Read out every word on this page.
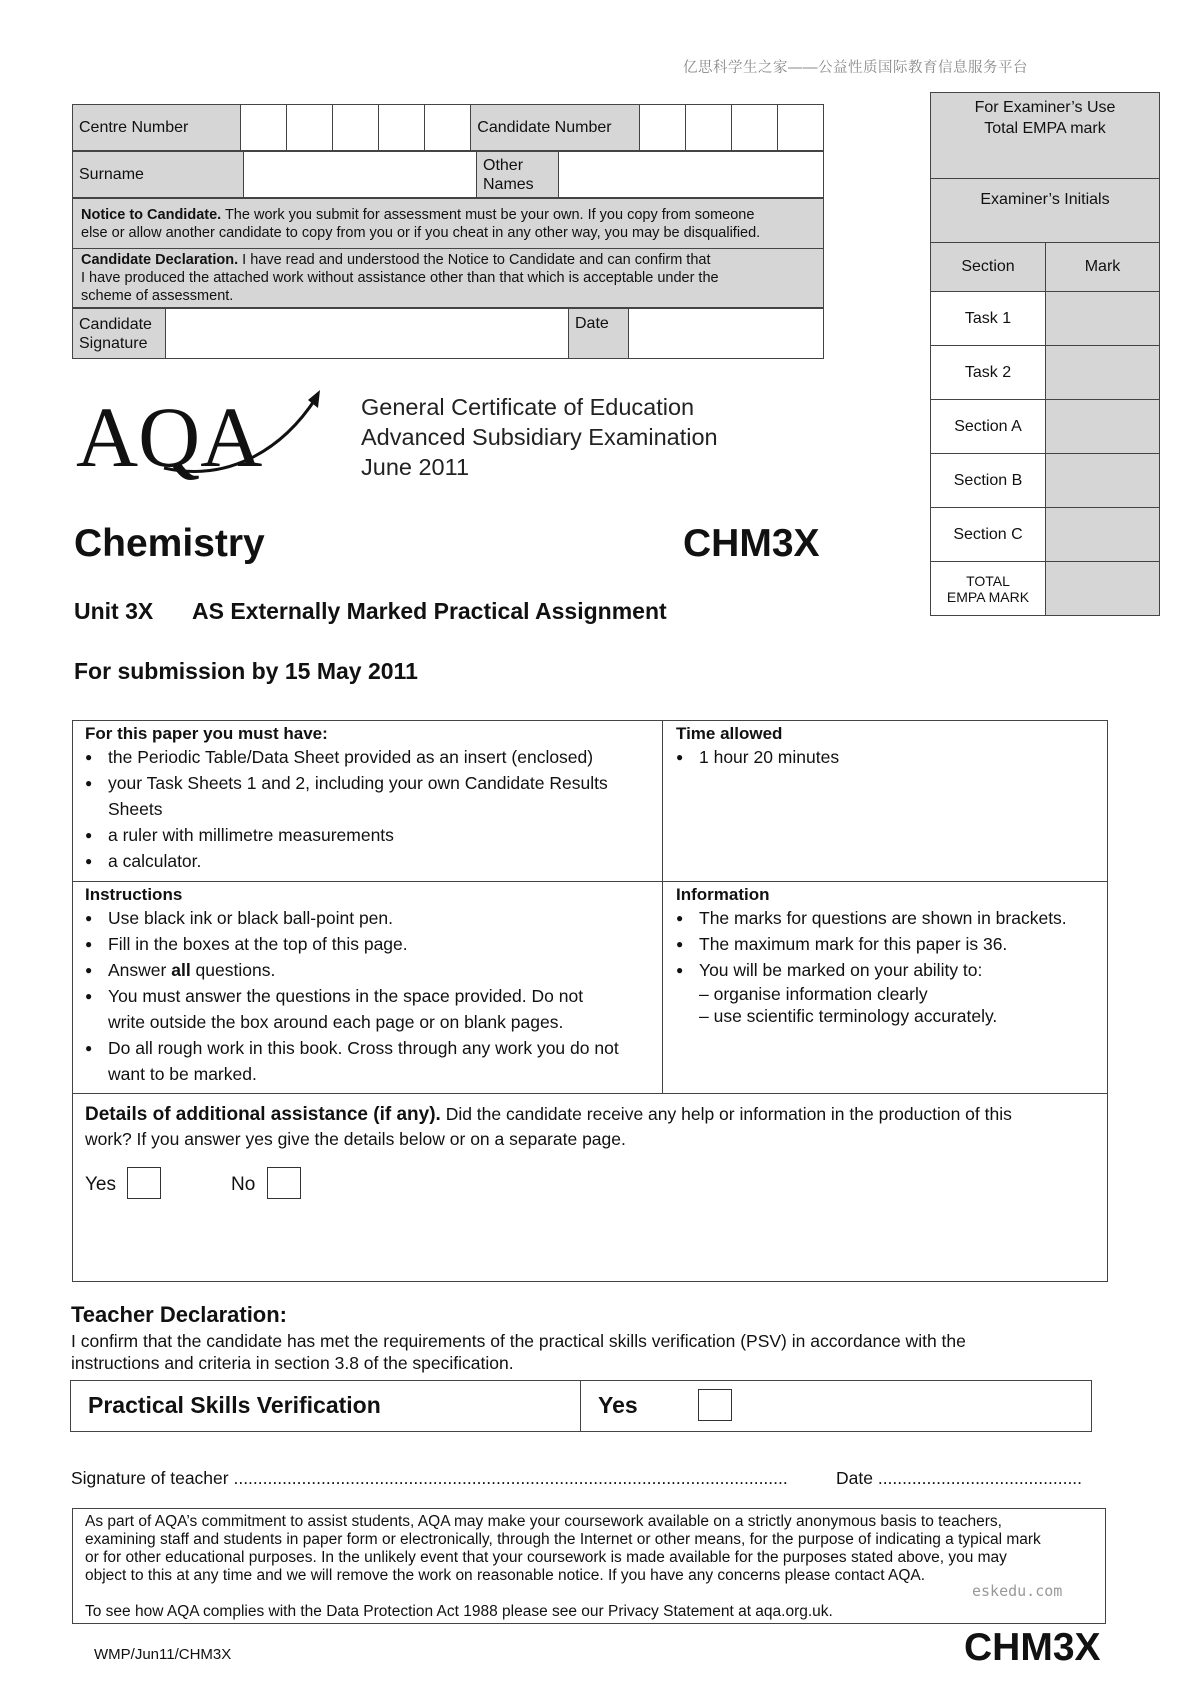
亿思科学生之家——公益性质国际教育信息服务平台
Centre Number						Candidate Number				
Surname		
Other
Names

Notice to Candidate. The work you submit for assessment must be your own. If you copy from someone
else or allow another candidate to copy from you or if you cheat in any other way, you may be disqualified.

Candidate Declaration. I have read and understood the Notice to Candidate and can confirm that
I have produced the attached work without assistance other than that which is acceptable under the
scheme of assessment.
Candidate
Signature
		Date	
For Examiner’s Use
Total EMPA mark
Examiner’s Initials
Section	Mark
Task 1	
Task 2	
Section A	
Section B	
Section C	

TOTAL
EMPA MARK	

AQA	General Certificate of Education
Advanced Subsidiary Examination
June 2011
Chemistry	CHM3X
Unit 3X AS Externally Marked Practical Assignment
For submission by 15 May 2011
For this paper you must have:
● the Periodic Table/Data Sheet provided as an insert (enclosed)
● your Task Sheets 1 and 2, including your own Candidate Results
Sheets
● a ruler with millimetre measurements
● a calculator.
Time allowed
● 1 hour 20 minutes
Instructions
● Use black ink or black ball-point pen.
● Fill in the boxes at the top of this page.
● Answer all questions.
● You must answer the questions in the space provided. Do not
write outside the box around each page or on blank pages.
● Do all rough work in this book. Cross through any work you do not
want to be marked.
Information
● The marks for questions are shown in brackets.
● The maximum mark for this paper is 36.
● You will be marked on your ability to:
– organise information clearly
– use scientific terminology accurately.
Details of additional assistance (if any). Did the candidate receive any help or information in the production of this
work? If you answer yes give the details below or on a separate page.
Yes	No
Teacher Declaration:
I confirm that the candidate has met the requirements of the practical skills verification (PSV) in accordance with the
instructions and criteria in section 3.8 of the specification.
Practical Skills Verification	Yes
Signature of teacher ..................................................................................................................	Date ..........................................
As part of AQA’s commitment to assist students, AQA may make your coursework available on a strictly anonymous basis to teachers,
examining staff and students in paper form or electronically, through the Internet or other means, for the purpose of indicating a typical mark
or for other educational purposes. In the unlikely event that your coursework is made available for the purposes stated above, you may
object to this at any time and we will remove the work on reasonable notice. If you have any concerns please contact AQA.
To see how AQA complies with the Data Protection Act 1988 please see our Privacy Statement at aqa.org.uk.
eskedu.com
WMP/Jun11/CHM3X	CHM3X
